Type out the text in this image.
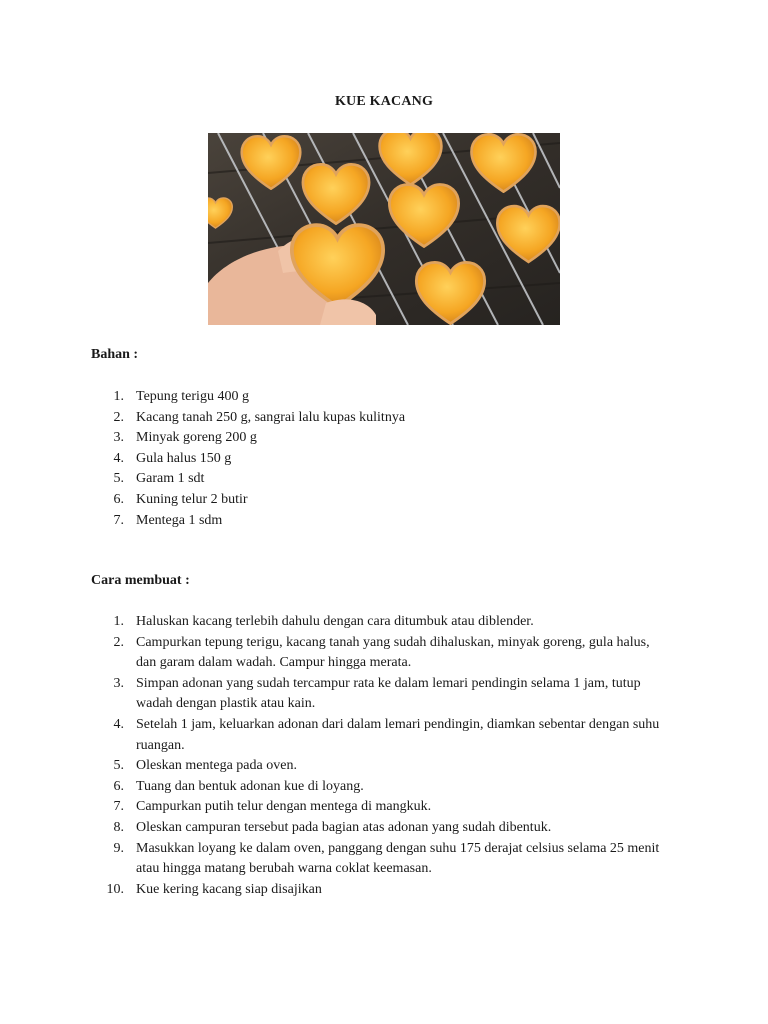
KUE KACANG
Bahan :
1. Tepung terigu 400 g
2. Kacang tanah 250 g, sangrai lalu kupas kulitnya
3. Minyak goreng 200 g
4. Gula halus 150 g
5. Garam 1 sdt
6. Kuning telur 2 butir
7. Mentega 1 sdm
Cara membuat :
1. Haluskan kacang terlebih dahulu dengan cara ditumbuk atau diblender.
2. Campurkan tepung terigu, kacang tanah yang sudah dihaluskan, minyak goreng, gula halus, dan garam dalam wadah. Campur hingga merata.
3. Simpan adonan yang sudah tercampur rata ke dalam lemari pendingin selama 1 jam, tutup wadah dengan plastik atau kain.
4. Setelah 1 jam, keluarkan adonan dari dalam lemari pendingin, diamkan sebentar dengan suhu ruangan.
5. Oleskan mentega pada oven.
6. Tuang dan bentuk adonan kue di loyang.
7. Campurkan putih telur dengan mentega di mangkuk.
8. Oleskan campuran tersebut pada bagian atas adonan yang sudah dibentuk.
9. Masukkan loyang ke dalam oven, panggang dengan suhu 175 derajat celsius selama 25 menit atau hingga matang berubah warna coklat keemasan.
10. Kue kering kacang siap disajikan
